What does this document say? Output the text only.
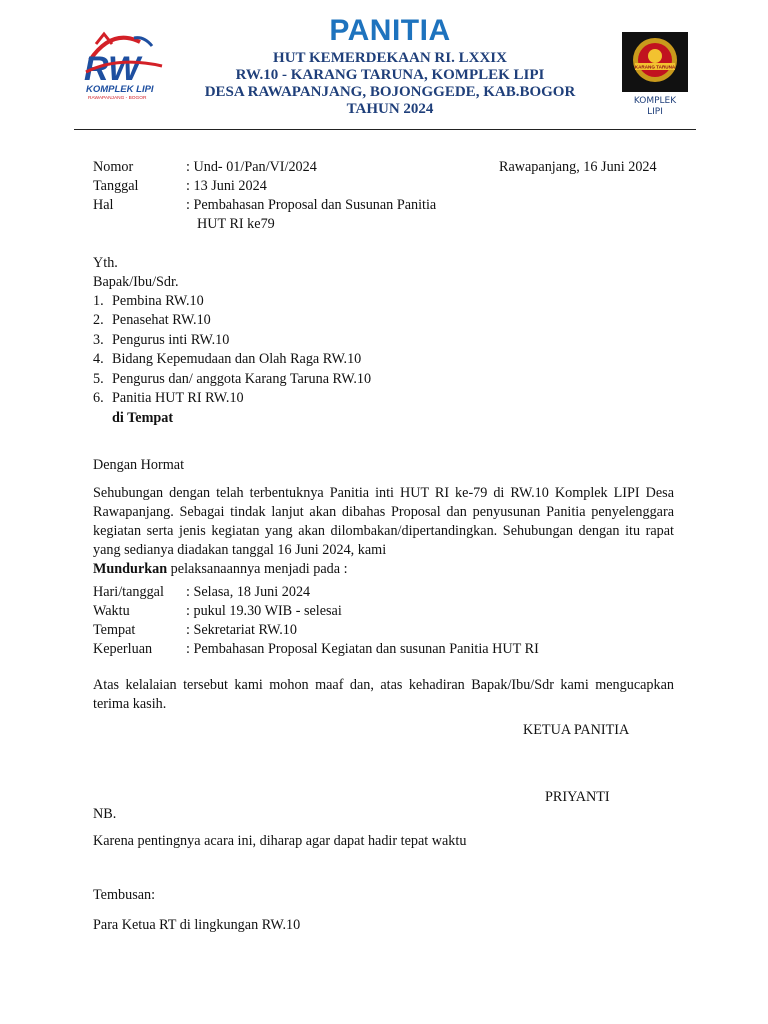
RW
KOMPLEK LIPI
RAWAPANJANG - BOGOR
KARANG TARUNA
KOMPLEK
LIPI
PANITIA
HUT KEMERDEKAAN RI. LXXIX
RW.10 - KARANG TARUNA, KOMPLEK LIPI
DESA RAWAPANJANG, BOJONGGEDE, KAB.BOGOR
TAHUN 2024
Nomor	: Und- 01/Pan/VI/2024	Rawapanjang, 16 Juni 2024
Tanggal	: 13 Juni 2024
Hal	: Pembahasan Proposal dan Susunan Panitia
HUT RI ke79
Yth.
Bapak/Ibu/Sdr.
1. Pembina RW.10
2. Penasehat RW.10
3. Pengurus inti RW.10
4. Bidang Kepemudaan dan Olah Raga RW.10
5. Pengurus dan/ anggota Karang Taruna RW.10
6. Panitia HUT RI RW.10
di Tempat
Dengan Hormat
Sehubungan dengan telah terbentuknya Panitia inti HUT RI ke-79 di RW.10 Komplek LIPI Desa Rawapanjang. Sebagai tindak lanjut akan dibahas Proposal dan penyusunan Panitia penyelenggara kegiatan serta jenis kegiatan yang akan dilombakan/dipertandingkan. Sehubungan dengan itu rapat yang sedianya diadakan tanggal 16 Juni 2024, kami
Mundurkan pelaksanaannya menjadi pada :
Hari/tanggal : Selasa, 18 Juni 2024
Waktu	: pukul 19.30 WIB - selesai
Tempat	: Sekretariat RW.10
Keperluan : Pembahasan Proposal Kegiatan dan susunan Panitia HUT RI
Atas kelalaian tersebut kami mohon maaf dan, atas kehadiran Bapak/Ibu/Sdr kami mengucapkan terima kasih.
KETUA PANITIA
PRIYANTI
NB.
Karena pentingnya acara ini, diharap agar dapat hadir tepat waktu
Tembusan:
Para Ketua RT di lingkungan RW.10
